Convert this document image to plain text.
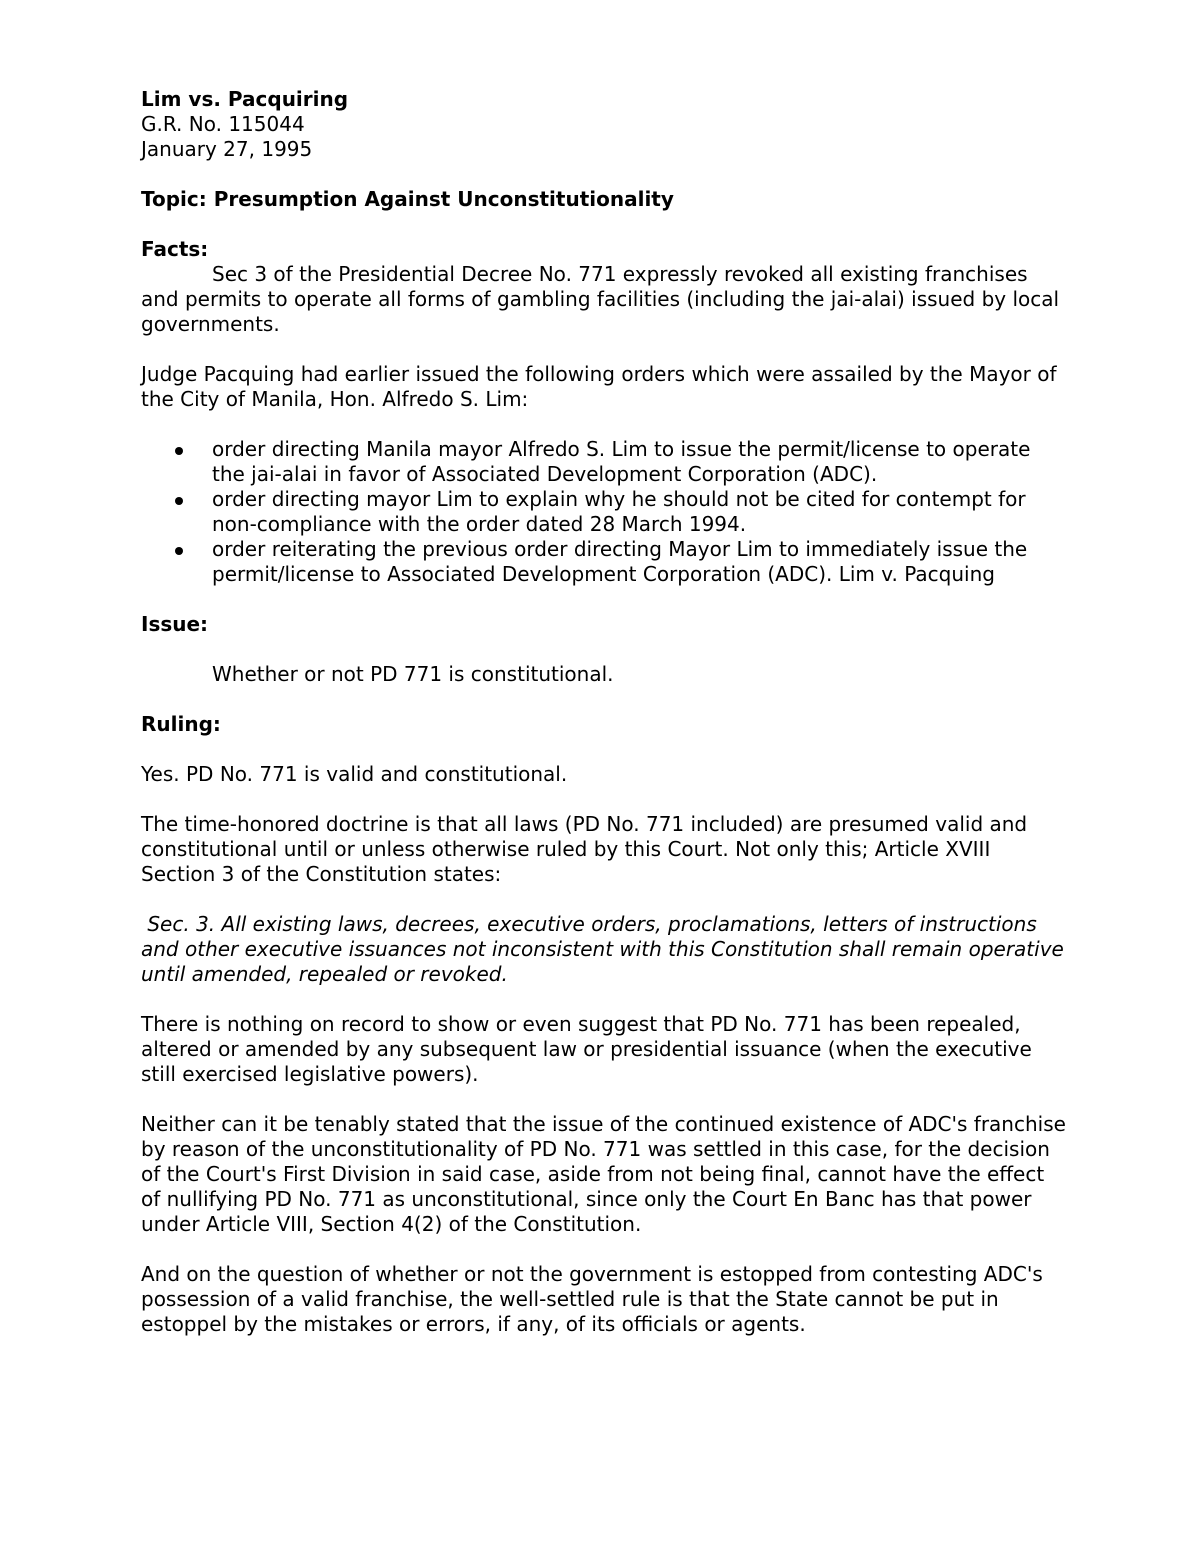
Lim vs. Pacquiring
G.R. No. 115044
January 27, 1995
Topic: Presumption Against Unconstitutionality
Facts:

Sec 3 of the Presidential Decree No. 771 expressly revoked all existing franchises and permits to operate all forms of gambling facilities (including the jai-alai) issued by local governments.

Judge Pacquing had earlier issued the following orders which were assailed by the Mayor of the City of Manila, Hon. Alfredo S. Lim:

order directing Manila mayor Alfredo S. Lim to issue the permit/license to operate the jai-alai in favor of Associated Development Corporation (ADC).
order directing mayor Lim to explain why he should not be cited for contempt for non-compliance with the order dated 28 March 1994.
order reiterating the previous order directing Mayor Lim to immediately issue the permit/license to Associated Development Corporation (ADC). Lim v. Pacquing
Issue:

Whether or not PD 771 is constitutional.

Ruling:

Yes. PD No. 771 is valid and constitutional.

The time-honored doctrine is that all laws (PD No. 771 included) are presumed valid and constitutional until or unless otherwise ruled by this Court. Not only this; Article XVIII Section 3 of the Constitution states:

Sec. 3. All existing laws, decrees, executive orders, proclamations, letters of instructions and other executive issuances not inconsistent with this Constitution shall remain operative until amended, repealed or revoked.

There is nothing on record to show or even suggest that PD No. 771 has been repealed, altered or amended by any subsequent law or presidential issuance (when the executive still exercised legislative powers).

Neither can it be tenably stated that the issue of the continued existence of ADC's franchise by reason of the unconstitutionality of PD No. 771 was settled in this case, for the decision of the Court's First Division in said case, aside from not being final, cannot have the effect of nullifying PD No. 771 as unconstitutional, since only the Court En Banc has that power under Article VIII, Section 4(2) of the Constitution.

And on the question of whether or not the government is estopped from contesting ADC's possession of a valid franchise, the well-settled rule is that the State cannot be put in estoppel by the mistakes or errors, if any, of its officials or agents.
